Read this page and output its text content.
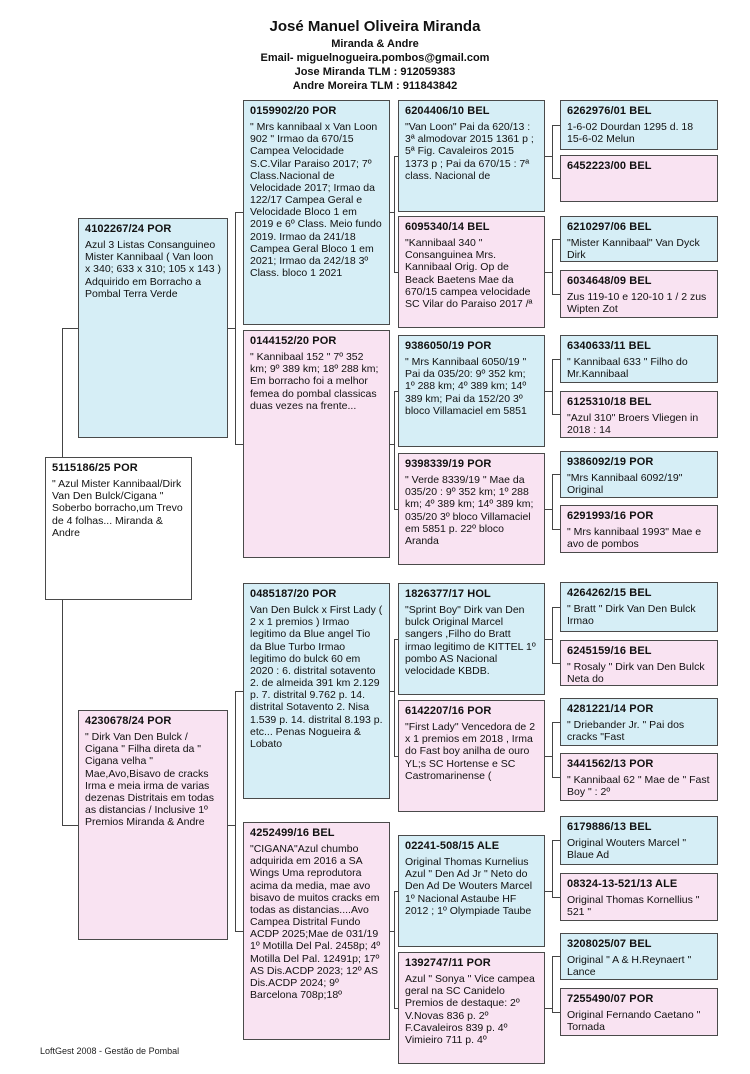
José Manuel Oliveira Miranda
Miranda & Andre
Email- miguelnogueira.pombos@gmail.com
Jose Miranda TLM : 912059383
Andre Moreira TLM : 911843842
5115186/25 POR
" Azul Mister Kannibaal/Dirk Van Den Bulck/Cigana " Soberbo borracho,um Trevo de 4 folhas... Miranda & Andre
4102267/24 POR
Azul 3 Listas Consanguineo Mister Kannibaal ( Van loon x 340; 633 x 310; 105 x 143 ) Adquirido em Borracho a Pombal Terra Verde
4230678/24 POR
" Dirk Van Den Bulck / Cigana " Filha direta da " Cigana velha " Mae,Avo,Bisavo de cracks Irma e meia irma de varias dezenas Distritais em todas as distancias / Inclusive 1º Premios Miranda & Andre
0159902/20 POR
" Mrs kannibaal x Van Loon 902 " Irmao da 670/15 Campea Velocidade S.C.Vilar Paraiso 2017; 7º Class.Nacional de Velocidade 2017; Irmao da 122/17 Campea Geral e Velocidade Bloco 1 em 2019 e 6º Class. Meio fundo 2019. Irmao da 241/18 Campea Geral Bloco 1 em 2021; Irmao da 242/18 3º Class. bloco 1 2021
0144152/20 POR
" Kannibaal 152 " 7º 352 km; 9º 389 km; 18º 288 km; Em borracho foi a melhor femea do pombal classicas duas vezes na frente...
0485187/20 POR
Van Den Bulck x First Lady ( 2 x 1 premios ) Irmao legitimo da Blue angel Tio da Blue Turbo Irmao legitimo do bulck 60 em 2020 : 6. distrital sotavento 2. de almeida 391 km 2.129 p. 7. distrital 9.762 p. 14. distrital Sotavento 2. Nisa 1.539 p. 14. distrital 8.193 p. etc... Penas Nogueira & Lobato
4252499/16 BEL
"CIGANA"Azul chumbo adquirida em 2016 a SA Wings Uma reprodutora acima da media, mae avo bisavo de muitos cracks em todas as distancias....Avo Campea Distrital Fundo ACDP 2025;Mae de 031/19 1º Motilla Del Pal. 2458p; 4º Motilla Del Pal. 12491p; 17º AS Dis.ACDP 2023; 12º AS Dis.ACDP 2024; 9º Barcelona 708p;18º
6204406/10 BEL
"Van Loon" Pai da 620/13 : 3ª almodovar 2015 1361 p ; 5ª Fig. Cavaleiros 2015 1373 p ; Pai da 670/15 : 7ª class. Nacional de
6095340/14 BEL
"Kannibaal 340 " Consanguinea Mrs. Kannibaal Orig. Op de Beack Baetens Mae da 670/15 campea velocidade SC Vilar do Paraiso 2017 /ª
9386050/19 POR
" Mrs Kannibaal 6050/19 " Pai da 035/20: 9º 352 km; 1º 288 km; 4º 389 km; 14º 389 km; Pai da 152/20 3º bloco Villamaciel em 5851
9398339/19 POR
" Verde 8339/19 " Mae da 035/20 : 9º 352 km; 1º 288 km; 4º 389 km; 14º 389 km; 035/20 3º bloco Villamaciel em 5851 p. 22º bloco Aranda
1826377/17 HOL
"Sprint Boy" Dirk van Den bulck Original Marcel sangers ,Filho do Bratt irmao legitimo de KITTEL 1º pombo AS Nacional velocidade KBDB.
6142207/16 POR
"First Lady" Vencedora de 2 x 1 premios em 2018 , Irma do Fast boy anilha de ouro YL;s SC Hortense e SC Castromarinense (
02241-508/15 ALE
Original Thomas Kurnelius Azul " Den Ad Jr " Neto do Den Ad De Wouters Marcel 1º Nacional Astaube HF 2012 ; 1º Olympiade Taube
1392747/11 POR
Azul " Sonya " Vice campea geral na SC Canidelo Premios de destaque: 2º V.Novas 836 p. 2º F.Cavaleiros 839 p. 4º Vimieiro 711 p. 4º
6262976/01 BEL
1-6-02 Dourdan 1295 d. 18 15-6-02 Melun
6452223/00 BEL
6210297/06 BEL
"Mister Kannibaal" Van Dyck Dirk
6034648/09 BEL
Zus 119-10 e 120-10 1 / 2 zus Wipten Zot
6340633/11 BEL
" Kannibaal 633 " Filho do Mr.Kannibaal
6125310/18 BEL
"Azul 310" Broers Vliegen in 2018 : 14
9386092/19 POR
"Mrs Kannibaal 6092/19" Original
6291993/16 POR
" Mrs kannibaal 1993" Mae e avo de pombos
4264262/15 BEL
" Bratt " Dirk Van Den Bulck Irmao
6245159/16 BEL
" Rosaly " Dirk van Den Bulck Neta do
4281221/14 POR
" Driebander Jr. " Pai dos cracks "Fast
3441562/13 POR
" Kannibaal 62 " Mae de " Fast Boy " : 2º
6179886/13 BEL
Original Wouters Marcel " Blaue Ad
08324-13-521/13 ALE
Original Thomas Kornellius " 521 "
3208025/07 BEL
Original " A & H.Reynaert " Lance
7255490/07 POR
Original Fernando Caetano " Tornada
LoftGest 2008 - Gestão de Pombal
